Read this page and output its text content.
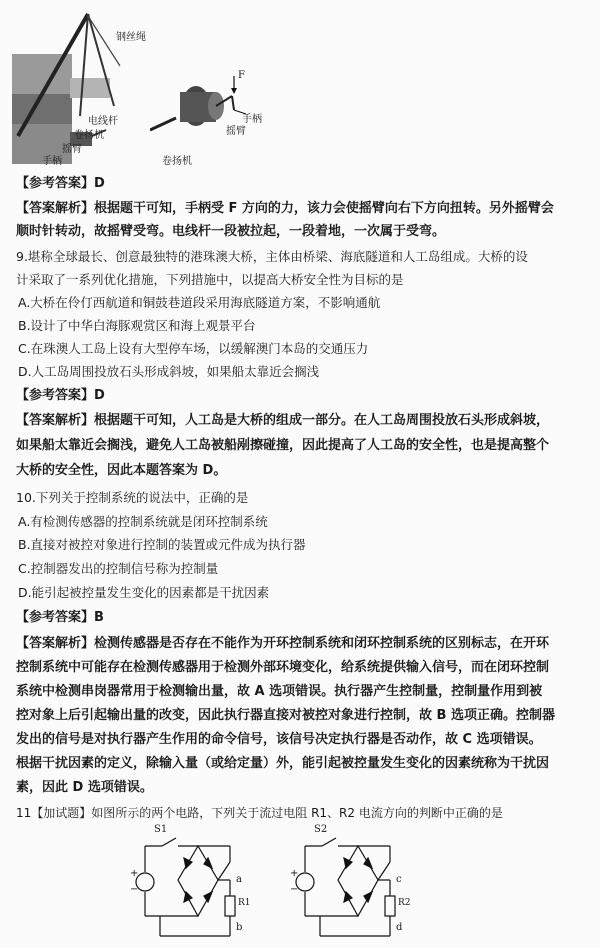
钢丝绳
电线杆
卷扬机
摇臂
手柄
F
手柄
摇臂
卷扬机
【参考答案】D
【答案解析】根据题干可知，手柄受 F 方向的力，该力会使摇臂向右下方向扭转。另外摇臂会
顺时针转动，故摇臂受弯。电线杆一段被拉起，一段着地，一次属于受弯。
9.堪称全球最长、创意最独特的港珠澳大桥，主体由桥梁、海底隧道和人工岛组成。大桥的设
计采取了一系列优化措施，下列措施中，以提高大桥安全性为目标的是
A.大桥在伶仃西航道和铜鼓巷道段采用海底隧道方案，不影响通航
B.设计了中华白海豚观赏区和海上观景平台
C.在珠澳人工岛上设有大型停车场，以缓解澳门本岛的交通压力
D.人工岛周围投放石头形成斜坡，如果船太靠近会搁浅
【参考答案】D
【答案解析】根据题干可知，人工岛是大桥的组成一部分。在人工岛周围投放石头形成斜坡，
如果船太靠近会搁浅，避免人工岛被船剐擦碰撞，因此提高了人工岛的安全性，也是提高整个
大桥的安全性，因此本题答案为 D。
10.下列关于控制系统的说法中，正确的是
A.有检测传感器的控制系统就是闭环控制系统
B.直接对被控对象进行控制的装置或元件成为执行器
C.控制器发出的控制信号称为控制量
D.能引起被控量发生变化的因素都是干扰因素
【参考答案】B
【答案解析】检测传感器是否存在不能作为开环控制系统和闭环控制系统的区别标志，在开环
控制系统中可能存在检测传感器用于检测外部环境变化，给系统提供输入信号，而在闭环控制
系统中检测串岗器常用于检测输出量，故 A 选项错误。执行器产生控制量，控制量作用到被
控对象上后引起输出量的改变，因此执行器直接对被控对象进行控制，故 B 选项正确。控制器
发出的信号是对执行器产生作用的命令信号，该信号决定执行器是否动作，故 C 选项错误。
根据干扰因素的定义，除输入量（或给定量）外，能引起被控量发生变化的因素统称为干扰因
素，因此 D 选项错误。
11【加试题】如图所示的两个电路，下列关于流过电阻 R1、R2 电流方向的判断中正确的是
S1
+
−
a
R1
b
S2
+
−
c
R2
d
